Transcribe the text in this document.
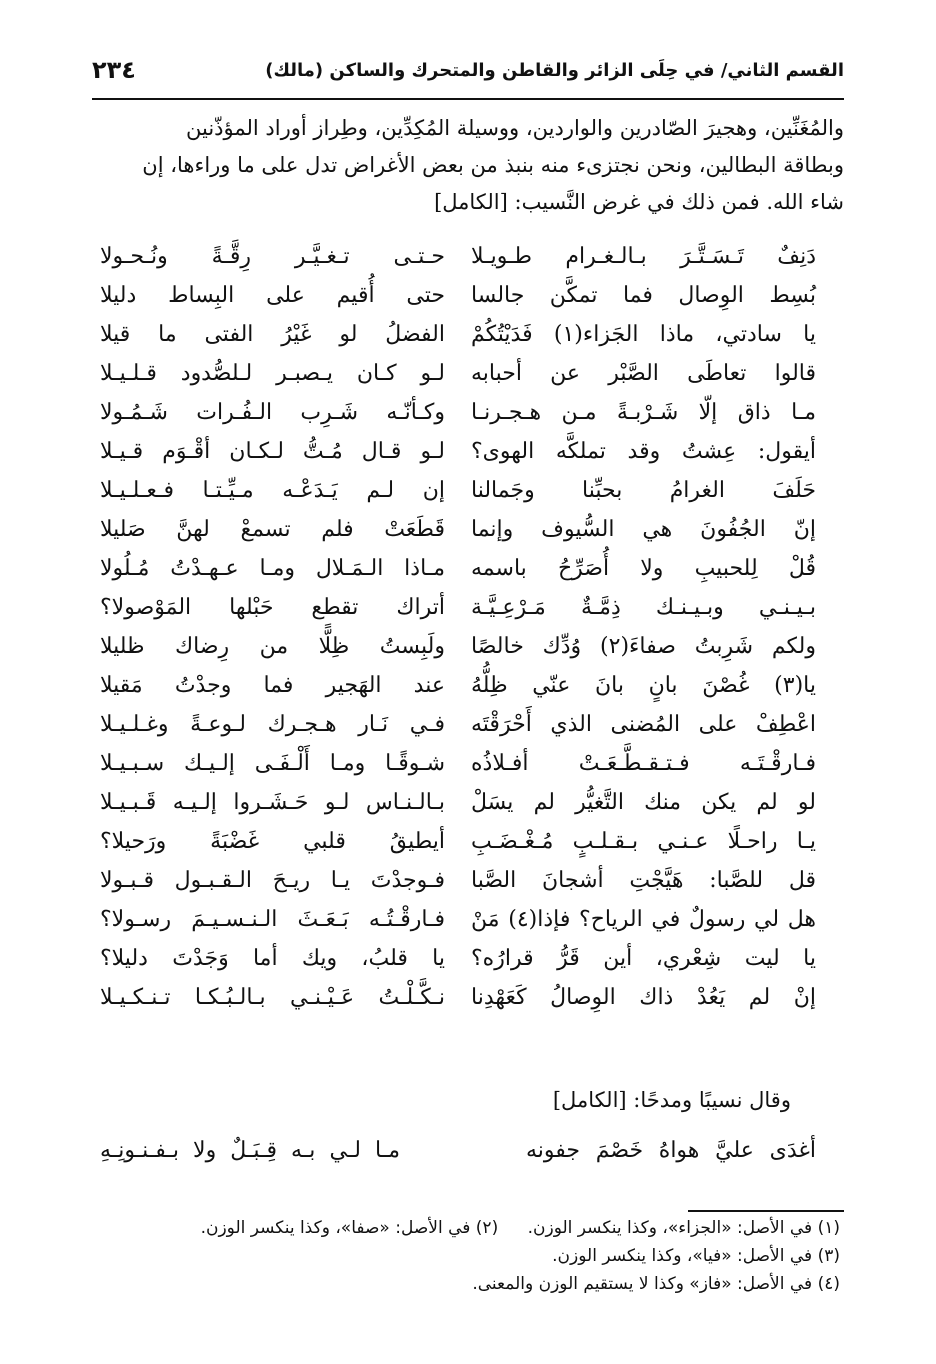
القسم الثاني/ في حِلَى الزائر والقاطن والمتحرك والساكن (مالك)
٢٣٤
والمُغَنِّين، وهجيرَ الصّادرين والواردين، ووسيلة المُكِدِّين، وطِراز أوراد المؤذّنين
وبطاقة البطالين، ونحن نجتزىء منه بنبذ من بعض الأغراض تدل على ما وراءها، إن
شاء الله. فمن ذلك في غرض النَّسيب: [الكامل]
دَنِفٌ تَـسَـتَّـرَ بـالـغـرام طـويـلا
حـتـى تـغـيَّـر رِقَّـةً ونُـحـولا
بُسِط الوِصال فما تمكَّن جالسا
حتى أُقيم على البِساط دليلا
يا سادتي، ماذا الجَزاء(١) فَدَيْتُكُمْ
الفضلُ لو غَيْرُ الفتى ما قيلا
قالوا تعاطَى الصَّبْر عن أحبابه
لـو كـان يـصبـر لـلصُّدود قـلـيـلا
مـا ذاق إلّا شَـرْبـةً مـن هـجـرنـا
وكـأنّـه شَـرِب الـفُـرات شَـمُـولا
أيقول: عِشتُ وقد تملكَّه الهوى؟
لـو قـال مُـتُّ لـكـان أقْـوَم قـيـلا
حَلَفَ الغرامُ بحبِّنا وجَمالنا
إن لـم يَـدَعْـه مـيِّـتـا فـعـلـيـلا
إنّ الجُفُونَ هي السُّيوف وإنما
قَطَعَتْ فلم تسمعْ لهنَّ صَليلا
قُلْ لِلحبيبِ ولا أُصَرِّحُ باسمه
مـاذا الـمَـلال ومـا عـهـدْتُ مُـلُولا
بـيـنـي وبـيـنـك ذِمَّـةٌ مَـرْعِـيَّـة
أتراك تقطع حَبْلها المَوْصولا؟
ولكم شَرِبتُ صفاءَ(٢) وُدِّك خالصًا
ولَبِستُ ظِلًّا من رِضاك ظليلا
يا(٣) غُصْنَ بانٍ بانَ عنّي ظِلُّهُ
عند الهَجير فما وجدْتُ مَقيلا
اعْطِفْ على المُضنى الذي أَحْرَقْتَه
فـي نَـار هـجـرك لـوعـةً وغـلـيـلا
فـارقْـتَـه فـتـقـطَّـعَـتْ أفـلاذُه
شـوقًـا ومـا أَلْـفَـى إلـيـك سـبـيـلا
لو لم يكن منك التَّغيُّر لم يسَلْ
بـالـنـاس لـو حَـشَـروا إلـيـه قَـبـيـلا
يـا راحـلًا عـنـي بـقـلـبٍ مُـغْـضَـبِ
أيطيقُ قلبي غَضْبَةً ورَحيلا؟
قل للصَّبا: هَيَّجْتِ أشجانَ الصَّبا
فـوجدْتَ يـا ريـحَ الـقـبـول قـبـولا
هل لي رسولٌ في الرياح؟ فإذا(٤) مَنْ
فـارقْـتُـه بَـعَـثَ الـنـسـيـمَ رسـولا؟
يا ليت شِعْري، أين قَرُّ قرارُه؟
يا قلبُ، ويك أما وَجَدْتَ دليلا؟
إنْ لم يَعُدْ ذاك الوِصالُ كَعَهْدِنا
نـكَّـلْـتُ عَـيْـنـي بـالـبُـكـا تـنـكـيـلا
وقال نسيبًا ومدحًا: [الكامل]
أغدَى عليَّ هواهُ خَصْمَ جفونه
مـا لـي بـه قِـبَـلٌ ولا بـفـنـونِـهِ
(١) في الأصل: «الجزاء»، وكذا ينكسر الوزن. (٢) في الأصل: «صفا»، وكذا ينكسر الوزن.
(٣) في الأصل: «فيا»، وكذا ينكسر الوزن.
(٤) في الأصل: «فاز» وكذا لا يستقيم الوزن والمعنى.
